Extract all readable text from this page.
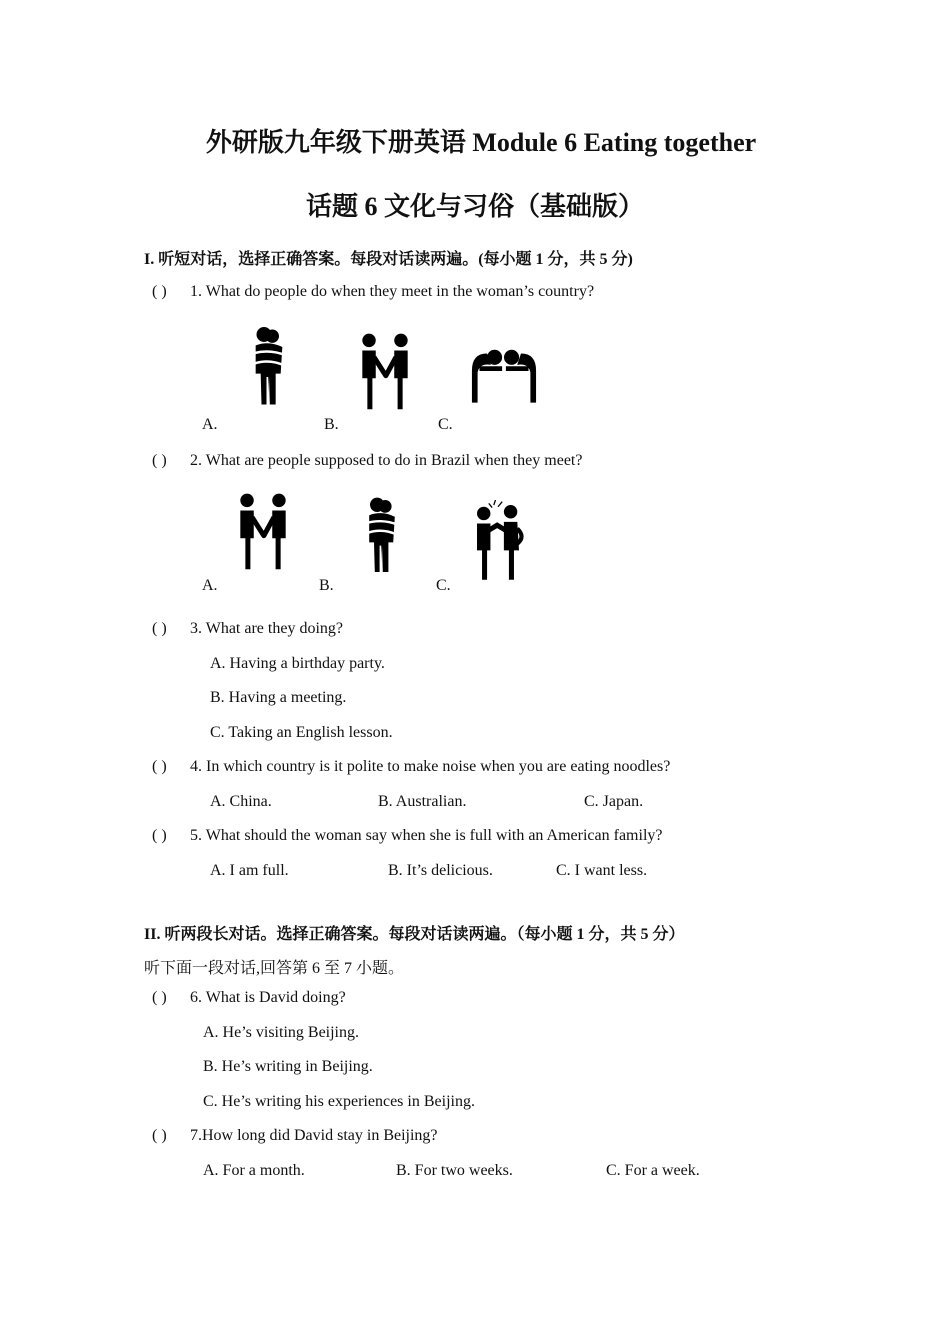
外研版九年级下册英语 Module 6 Eating together
话题 6 文化与习俗（基础版）
I. 听短对话，选择正确答案。每段对话读两遍。(每小题 1 分，共 5 分)
( ) 1. What do people do when they meet in the woman’s country?
A.	B.	C.
( ) 2. What are people supposed to do in Brazil when they meet?
A.	B.	C.
( ) 3. What are they doing?
A. Having a birthday party.
B. Having a meeting.
C. Taking an English lesson.
( ) 4. In which country is it polite to make noise when you are eating noodles?
A. China.	B. Australian.	C. Japan.
( ) 5. What should the woman say when she is full with an American family?
A. I am full.	B. It’s delicious.	C. I want less.
II. 听两段长对话。选择正确答案。每段对话读两遍。（每小题 1 分，共 5 分）
听下面一段对话,回答第 6 至 7 小题。
( ) 6. What is David doing?
A. He’s visiting Beijing.
B. He’s writing in Beijing.
C. He’s writing his experiences in Beijing.
( ) 7.How long did David stay in Beijing?
A. For a month.	B. For two weeks.	C. For a week.
